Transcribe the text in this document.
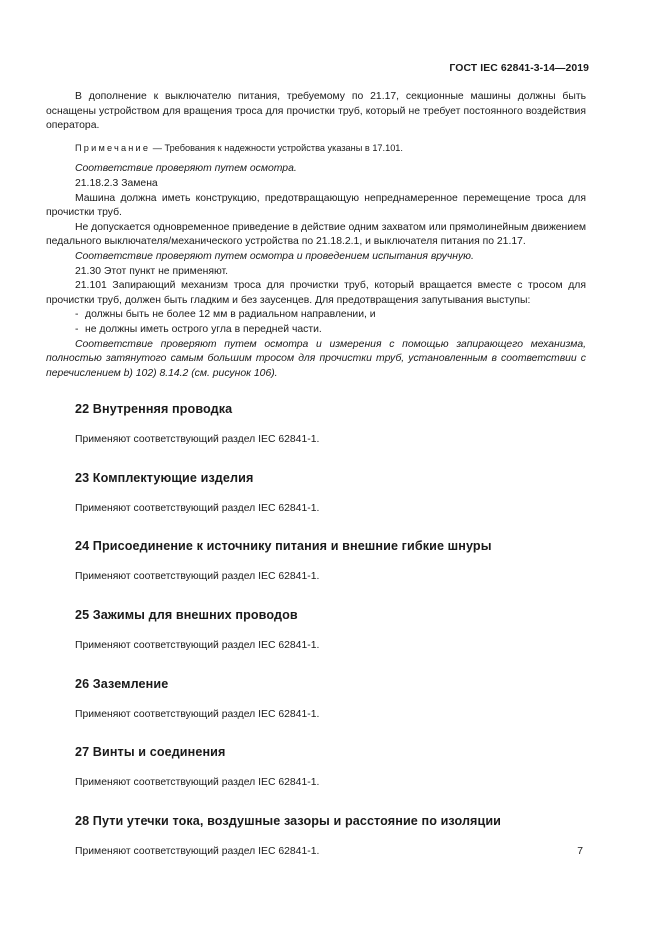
ГОСТ IEC 62841-3-14—2019

В дополнение к выключателю питания, требуемому по 21.17, секционные машины должны быть оснащены устройством для вращения троса для прочистки труб, который не требует постоянного воздействия оператора.

Примечание — Требования к надежности устройства указаны в 17.101.

Соответствие проверяют путем осмотра.

21.18.2.3 Замена

Машина должна иметь конструкцию, предотвращающую непреднамеренное перемещение троса для прочистки труб.

Не допускается одновременное приведение в действие одним захватом или прямолинейным движением педального выключателя/механического устройства по 21.18.2.1, и выключателя питания по 21.17.

Соответствие проверяют путем осмотра и проведением испытания вручную.

21.30 Этот пункт не применяют.

21.101 Запирающий механизм троса для прочистки труб, который вращается вместе с тросом для прочистки труб, должен быть гладким и без заусенцев. Для предотвращения запутывания выступы:

- должны быть не более 12 мм в радиальном направлении, и

- не должны иметь острого угла в передней части.

Соответствие проверяют путем осмотра и измерения с помощью запирающего механизма, полностью затянутого самым большим тросом для прочистки труб, установленным в соответствии с перечислением b) 102) 8.14.2 (см. рисунок 106).

22 Внутренняя проводка

Применяют соответствующий раздел IEC 62841-1.

23 Комплектующие изделия

Применяют соответствующий раздел IEC 62841-1.

24 Присоединение к источнику питания и внешние гибкие шнуры

Применяют соответствующий раздел IEC 62841-1.

25 Зажимы для внешних проводов

Применяют соответствующий раздел IEC 62841-1.

26 Заземление

Применяют соответствующий раздел IEC 62841-1.

27 Винты и соединения

Применяют соответствующий раздел IEC 62841-1.

28 Пути утечки тока, воздушные зазоры и расстояние по изоляции

Применяют соответствующий раздел IEC 62841-1.	7
